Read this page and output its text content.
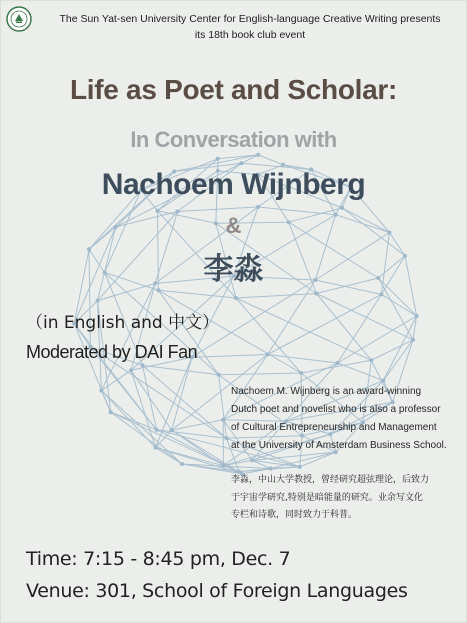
The Sun Yat-sen University Center for English-language Creative Writing presents
its 18th book club event
Life as Poet and Scholar:
In Conversation with
Nachoem Wijnberg
&
李淼
（in English and 中文）
Moderated by DAI Fan
Nachoem M. Wijnberg is an award-winning
Dutch poet and novelist who is also a professor
of Cultural Entrepreneurship and Management
at the University of Amsterdam Business School.
李淼，中山大学教授，曾经研究超弦理论，后致力
于宇宙学研究,特别是暗能量的研究。业余写文化
专栏和诗歌，同时致力于科普。
Time: 7:15 - 8:45 pm, Dec. 7
Venue: 301, School of Foreign Languages
